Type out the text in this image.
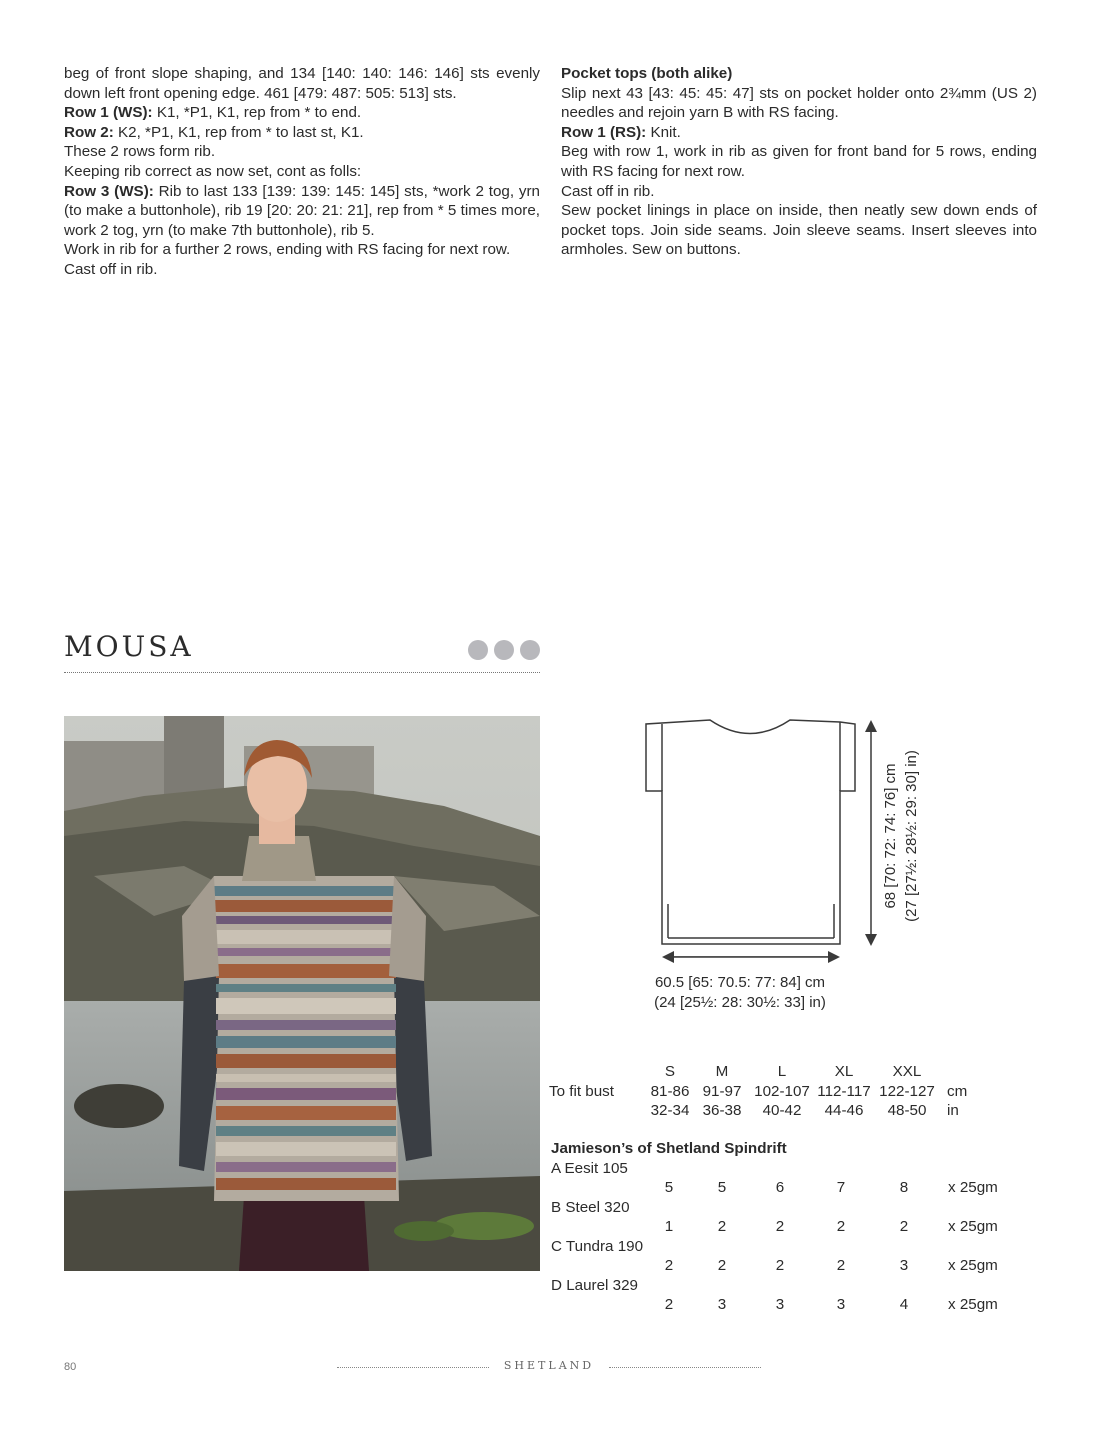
beg of front slope shaping, and 134 [140: 140: 146: 146] sts evenly down left front opening edge. 461 [479: 487: 505: 513] sts.

Row 1 (WS): K1, *P1, K1, rep from * to end.

Row 2: K2, *P1, K1, rep from * to last st, K1.

These 2 rows form rib.

Keeping rib correct as now set, cont as folls:

Row 3 (WS): Rib to last 133 [139: 139: 145: 145] sts, *work 2 tog, yrn (to make a buttonhole), rib 19 [20: 20: 21: 21], rep from * 5 times more, work 2 tog, yrn (to make 7th buttonhole), rib 5.

Work in rib for a further 2 rows, ending with RS facing for next row.

Cast off in rib.

Pocket tops (both alike)

Slip next 43 [43: 45: 45: 47] sts on pocket holder onto 2¾mm (US 2) needles and rejoin yarn B with RS facing.

Row 1 (RS): Knit.

Beg with row 1, work in rib as given for front band for 5 rows, ending with RS facing for next row.

Cast off in rib.

Sew pocket linings in place on inside, then neatly sew down ends of pocket tops. Join side seams. Join sleeve seams. Insert sleeves into armholes. Sew on buttons.

MOUSA
60.5 [65: 70.5: 77: 84] cm
(24 [25½: 28: 30½: 33] in)
68 [70: 72: 74: 76] cm (27 [27½: 28½: 29: 30] in)
	S	M	L	XL	XXL	
To fit bust	81-86	91-97	102-107	112-117	122-127	cm
	32-34	36-38	40-42	44-46	48-50	in

Jamieson’s of Shetland Spindrift

A Eesit 105
5	5	6	7	8	x 25gm
B Steel 320
1	2	2	2	2	x 25gm
C Tundra 190
2	2	2	2	3	x 25gm
D Laurel 329
2	3	3	3	4	x 25gm
80	SHETLAND
